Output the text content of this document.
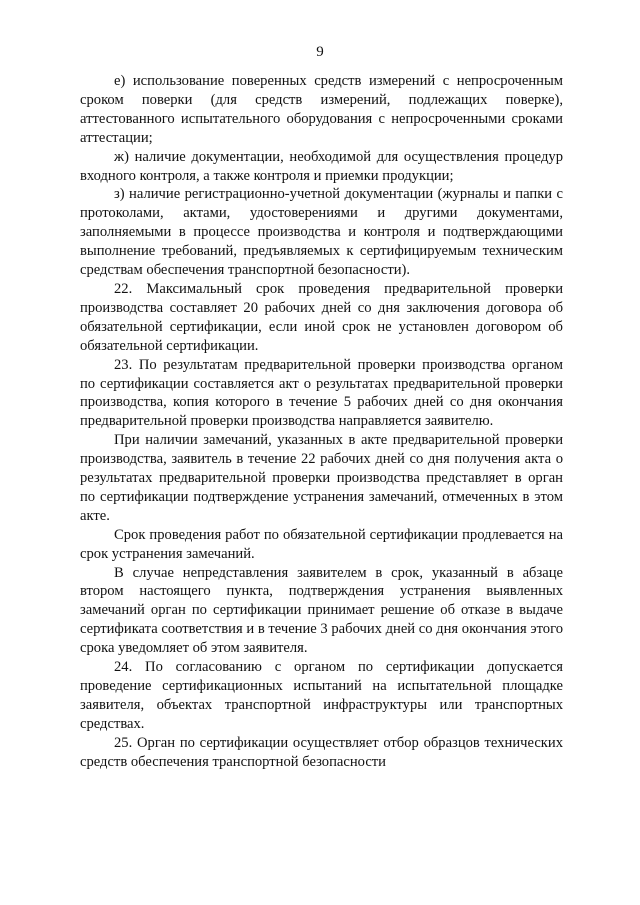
9

е) использование поверенных средств измерений с непросроченным сроком поверки (для средств измерений, подлежащих поверке), аттестованного испытательного оборудования с непросроченными сроками аттестации;

ж) наличие документации, необходимой для осуществления процедур входного контроля, а также контроля и приемки продукции;

з) наличие регистрационно-учетной документации (журналы и папки с протоколами, актами, удостоверениями и другими документами, заполняемыми в процессе производства и контроля и подтверждающими выполнение требований, предъявляемых к сертифицируемым техническим средствам обеспечения транспортной безопасности).

22. Максимальный срок проведения предварительной проверки производства составляет 20 рабочих дней со дня заключения договора об обязательной сертификации, если иной срок не установлен договором об обязательной сертификации.

23. По результатам предварительной проверки производства органом по сертификации составляется акт о результатах предварительной проверки производства, копия которого в течение 5 рабочих дней со дня окончания предварительной проверки производства направляется заявителю.

При наличии замечаний, указанных в акте предварительной проверки производства, заявитель в течение 22 рабочих дней со дня получения акта о результатах предварительной проверки производства представляет в орган по сертификации подтверждение устранения замечаний, отмеченных в этом акте.

Срок проведения работ по обязательной сертификации продлевается на срок устранения замечаний.

В случае непредставления заявителем в срок, указанный в абзаце втором настоящего пункта, подтверждения устранения выявленных замечаний орган по сертификации принимает решение об отказе в выдаче сертификата соответствия и в течение 3 рабочих дней со дня окончания этого срока уведомляет об этом заявителя.

24. По согласованию с органом по сертификации допускается проведение сертификационных испытаний на испытательной площадке заявителя, объектах транспортной инфраструктуры или транспортных средствах.

25. Орган по сертификации осуществляет отбор образцов технических средств обеспечения транспортной безопасности
